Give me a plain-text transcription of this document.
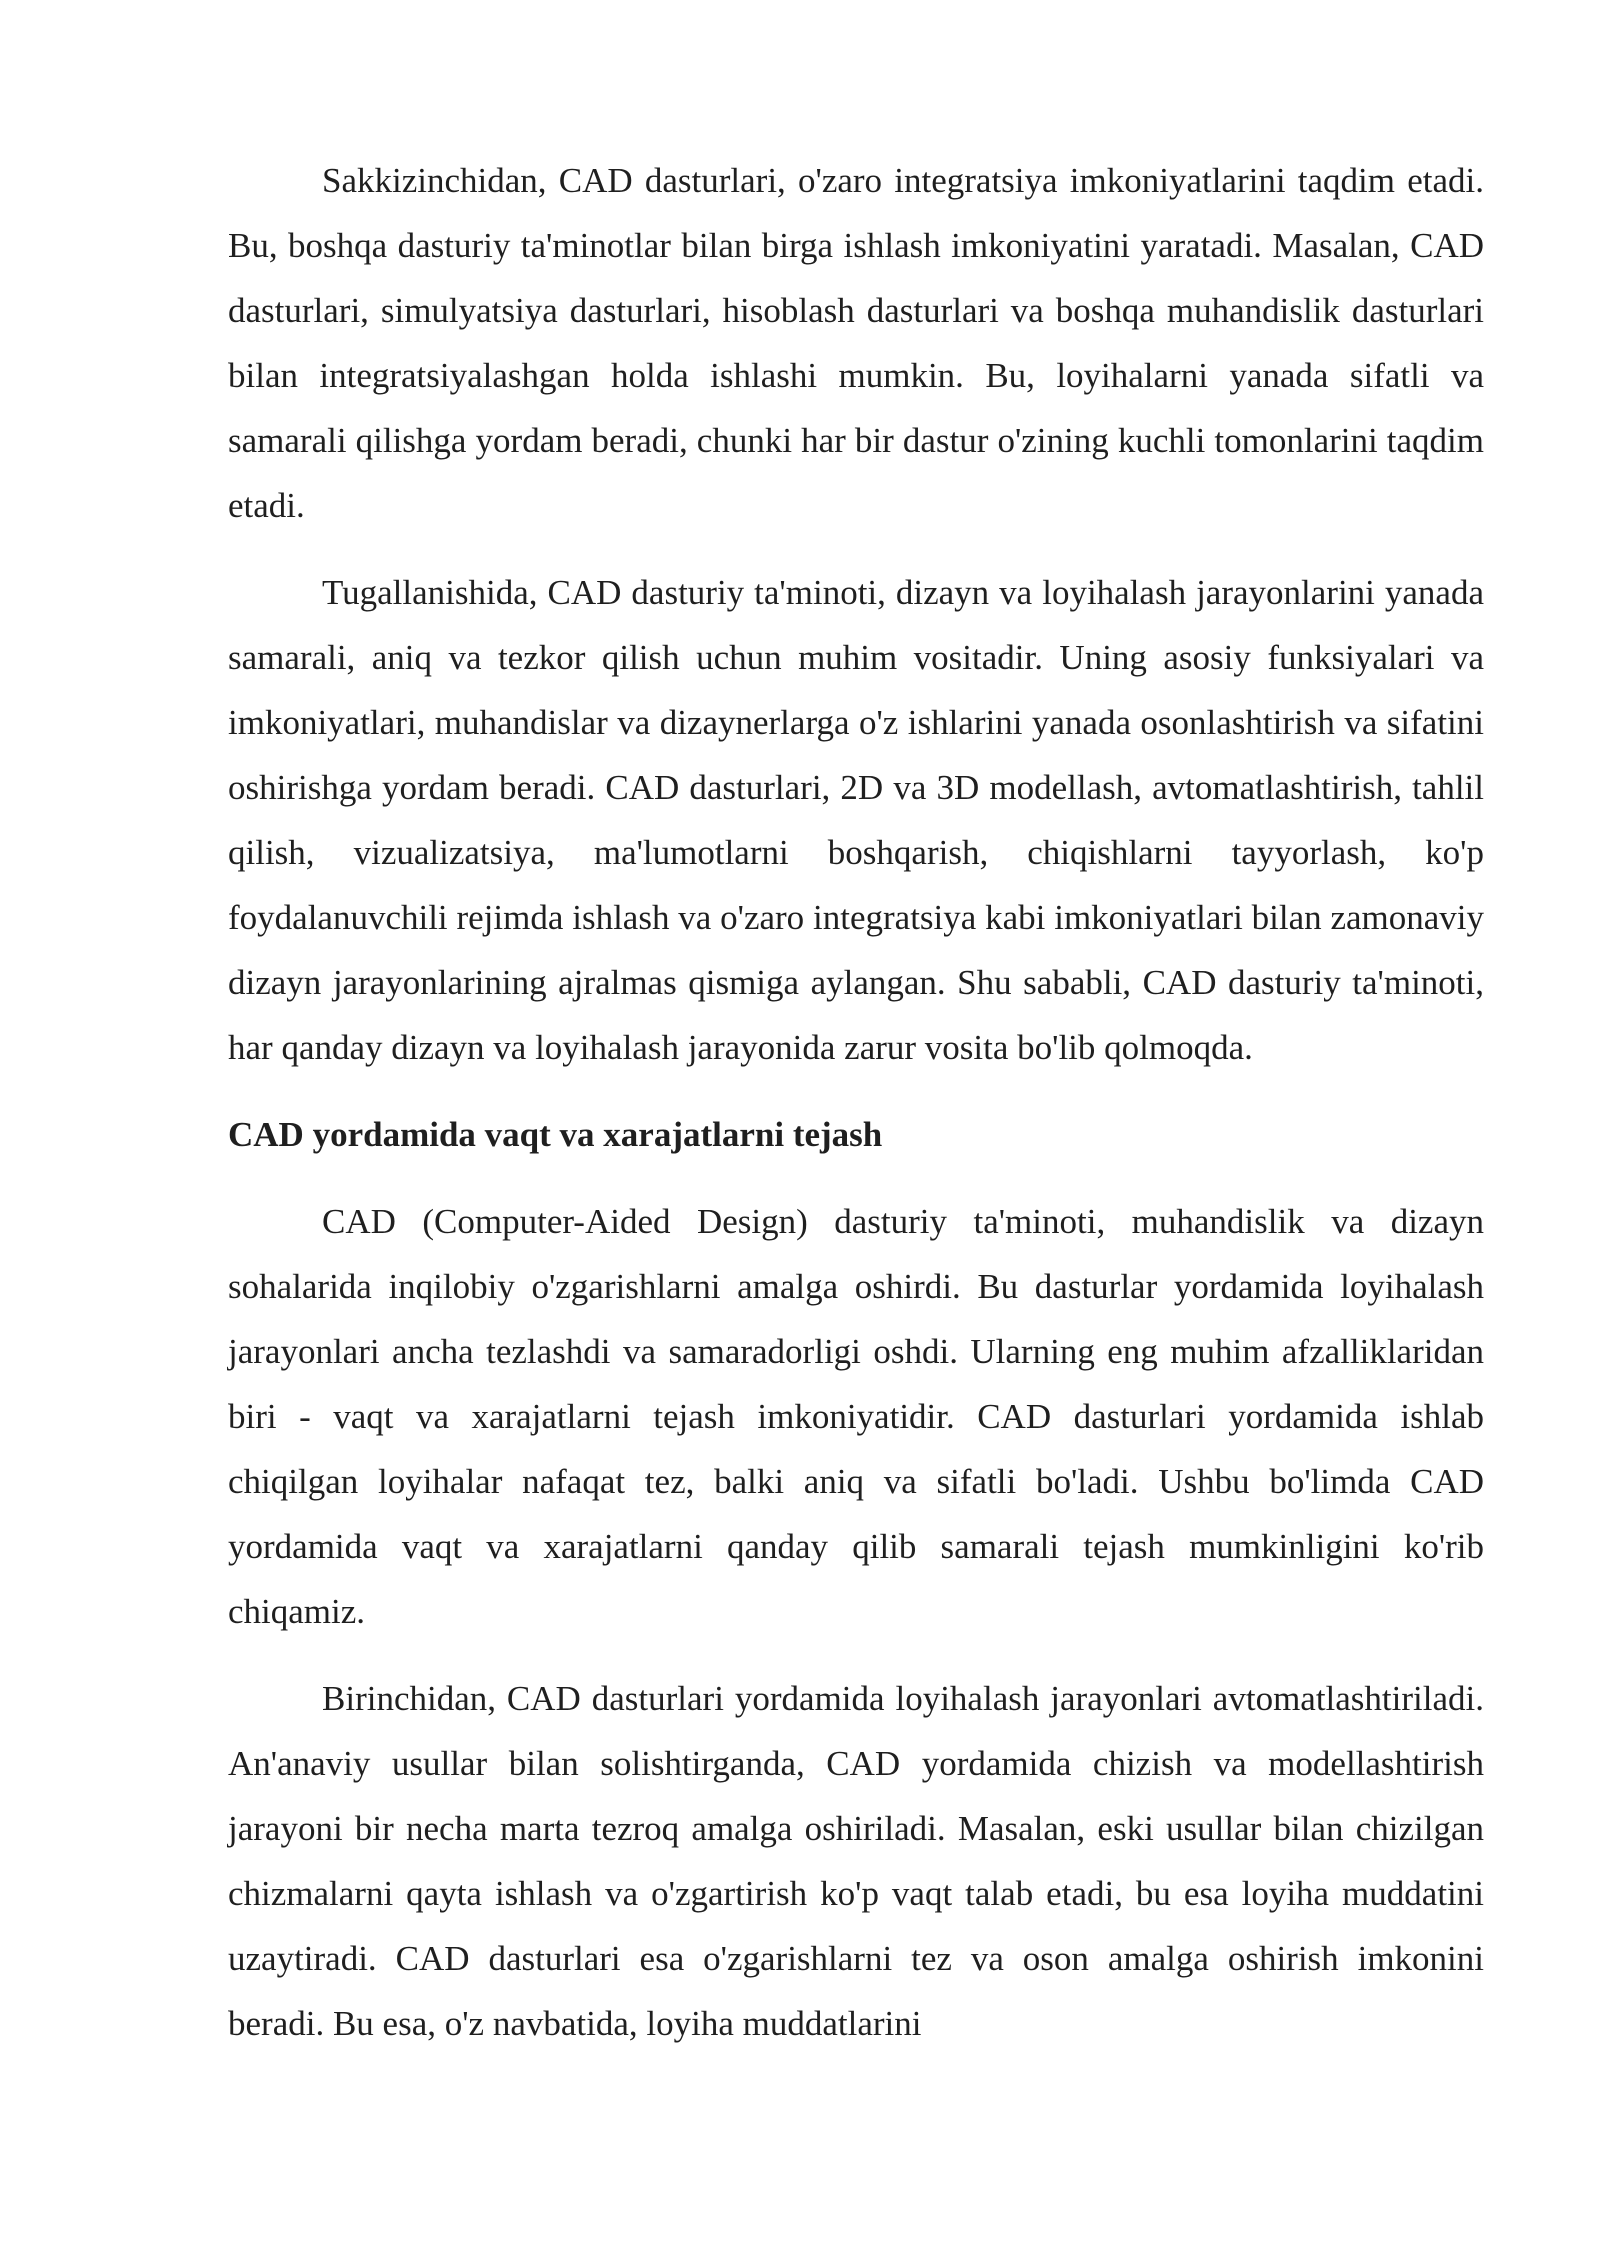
Sakkizinchidan, CAD dasturlari, o'zaro integratsiya imkoniyatlarini taqdim etadi. Bu, boshqa dasturiy ta'minotlar bilan birga ishlash imkoniyatini yaratadi. Masalan, CAD dasturlari, simulyatsiya dasturlari, hisoblash dasturlari va boshqa muhandislik dasturlari bilan integratsiyalashgan holda ishlashi mumkin. Bu, loyihalarni yanada sifatli va samarali qilishga yordam beradi, chunki har bir dastur o'zining kuchli tomonlarini taqdim etadi.

Tugallanishida, CAD dasturiy ta'minoti, dizayn va loyihalash jarayonlarini yanada samarali, aniq va tezkor qilish uchun muhim vositadir. Uning asosiy funksiyalari va imkoniyatlari, muhandislar va dizaynerlarga o'z ishlarini yanada osonlashtirish va sifatini oshirishga yordam beradi. CAD dasturlari, 2D va 3D modellash, avtomatlashtirish, tahlil qilish, vizualizatsiya, ma'lumotlarni boshqarish, chiqishlarni tayyorlash, ko'p foydalanuvchili rejimda ishlash va o'zaro integratsiya kabi imkoniyatlari bilan zamonaviy dizayn jarayonlarining ajralmas qismiga aylangan. Shu sababli, CAD dasturiy ta'minoti, har qanday dizayn va loyihalash jarayonida zarur vosita bo'lib qolmoqda.

CAD yordamida vaqt va xarajatlarni tejash

CAD (Computer-Aided Design) dasturiy ta'minoti, muhandislik va dizayn sohalarida inqilobiy o'zgarishlarni amalga oshirdi. Bu dasturlar yordamida loyihalash jarayonlari ancha tezlashdi va samaradorligi oshdi. Ularning eng muhim afzalliklaridan biri - vaqt va xarajatlarni tejash imkoniyatidir. CAD dasturlari yordamida ishlab chiqilgan loyihalar nafaqat tez, balki aniq va sifatli bo'ladi. Ushbu bo'limda CAD yordamida vaqt va xarajatlarni qanday qilib samarali tejash mumkinligini ko'rib chiqamiz.

Birinchidan, CAD dasturlari yordamida loyihalash jarayonlari avtomatlashtiriladi. An'anaviy usullar bilan solishtirganda, CAD yordamida chizish va modellashtirish jarayoni bir necha marta tezroq amalga oshiriladi. Masalan, eski usullar bilan chizilgan chizmalarni qayta ishlash va o'zgartirish ko'p vaqt talab etadi, bu esa loyiha muddatini uzaytiradi. CAD dasturlari esa o'zgarishlarni tez va oson amalga oshirish imkonini beradi. Bu esa, o'z navbatida, loyiha muddatlarini
